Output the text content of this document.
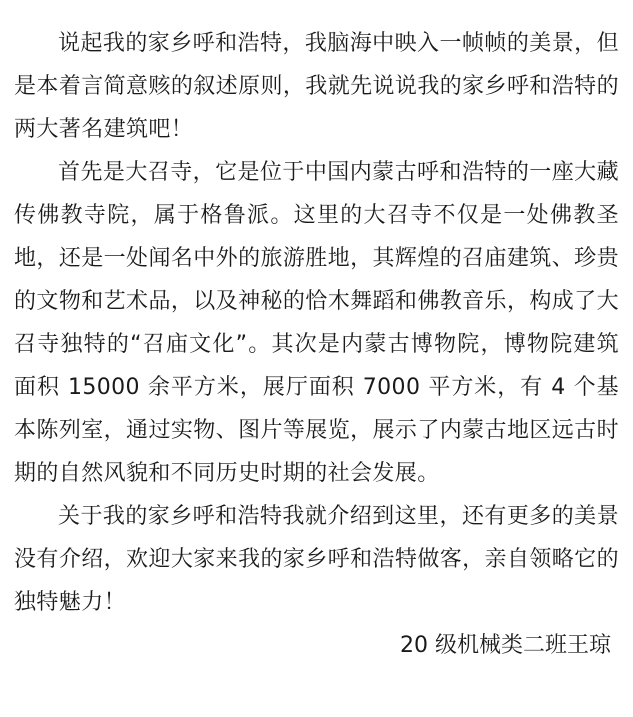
说起我的家乡呼和浩特，我脑海中映入一帧帧的美景，但是本着言简意赅的叙述原则，我就先说说我的家乡呼和浩特的两大著名建筑吧！

首先是大召寺，它是位于中国内蒙古呼和浩特的一座大藏传佛教寺院，属于格鲁派。这里的大召寺不仅是一处佛教圣地，还是一处闻名中外的旅游胜地，其辉煌的召庙建筑、珍贵的文物和艺术品，以及神秘的恰木舞蹈和佛教音乐，构成了大召寺独特的“召庙文化”。其次是内蒙古博物院，博物院建筑面积 15000 余平方米，展厅面积 7000 平方米，有 4 个基本陈列室，通过实物、图片等展览，展示了内蒙古地区远古时期的自然风貌和不同历史时期的社会发展。

关于我的家乡呼和浩特我就介绍到这里，还有更多的美景没有介绍，欢迎大家来我的家乡呼和浩特做客，亲自领略它的独特魅力！

20 级机械类二班王琼
